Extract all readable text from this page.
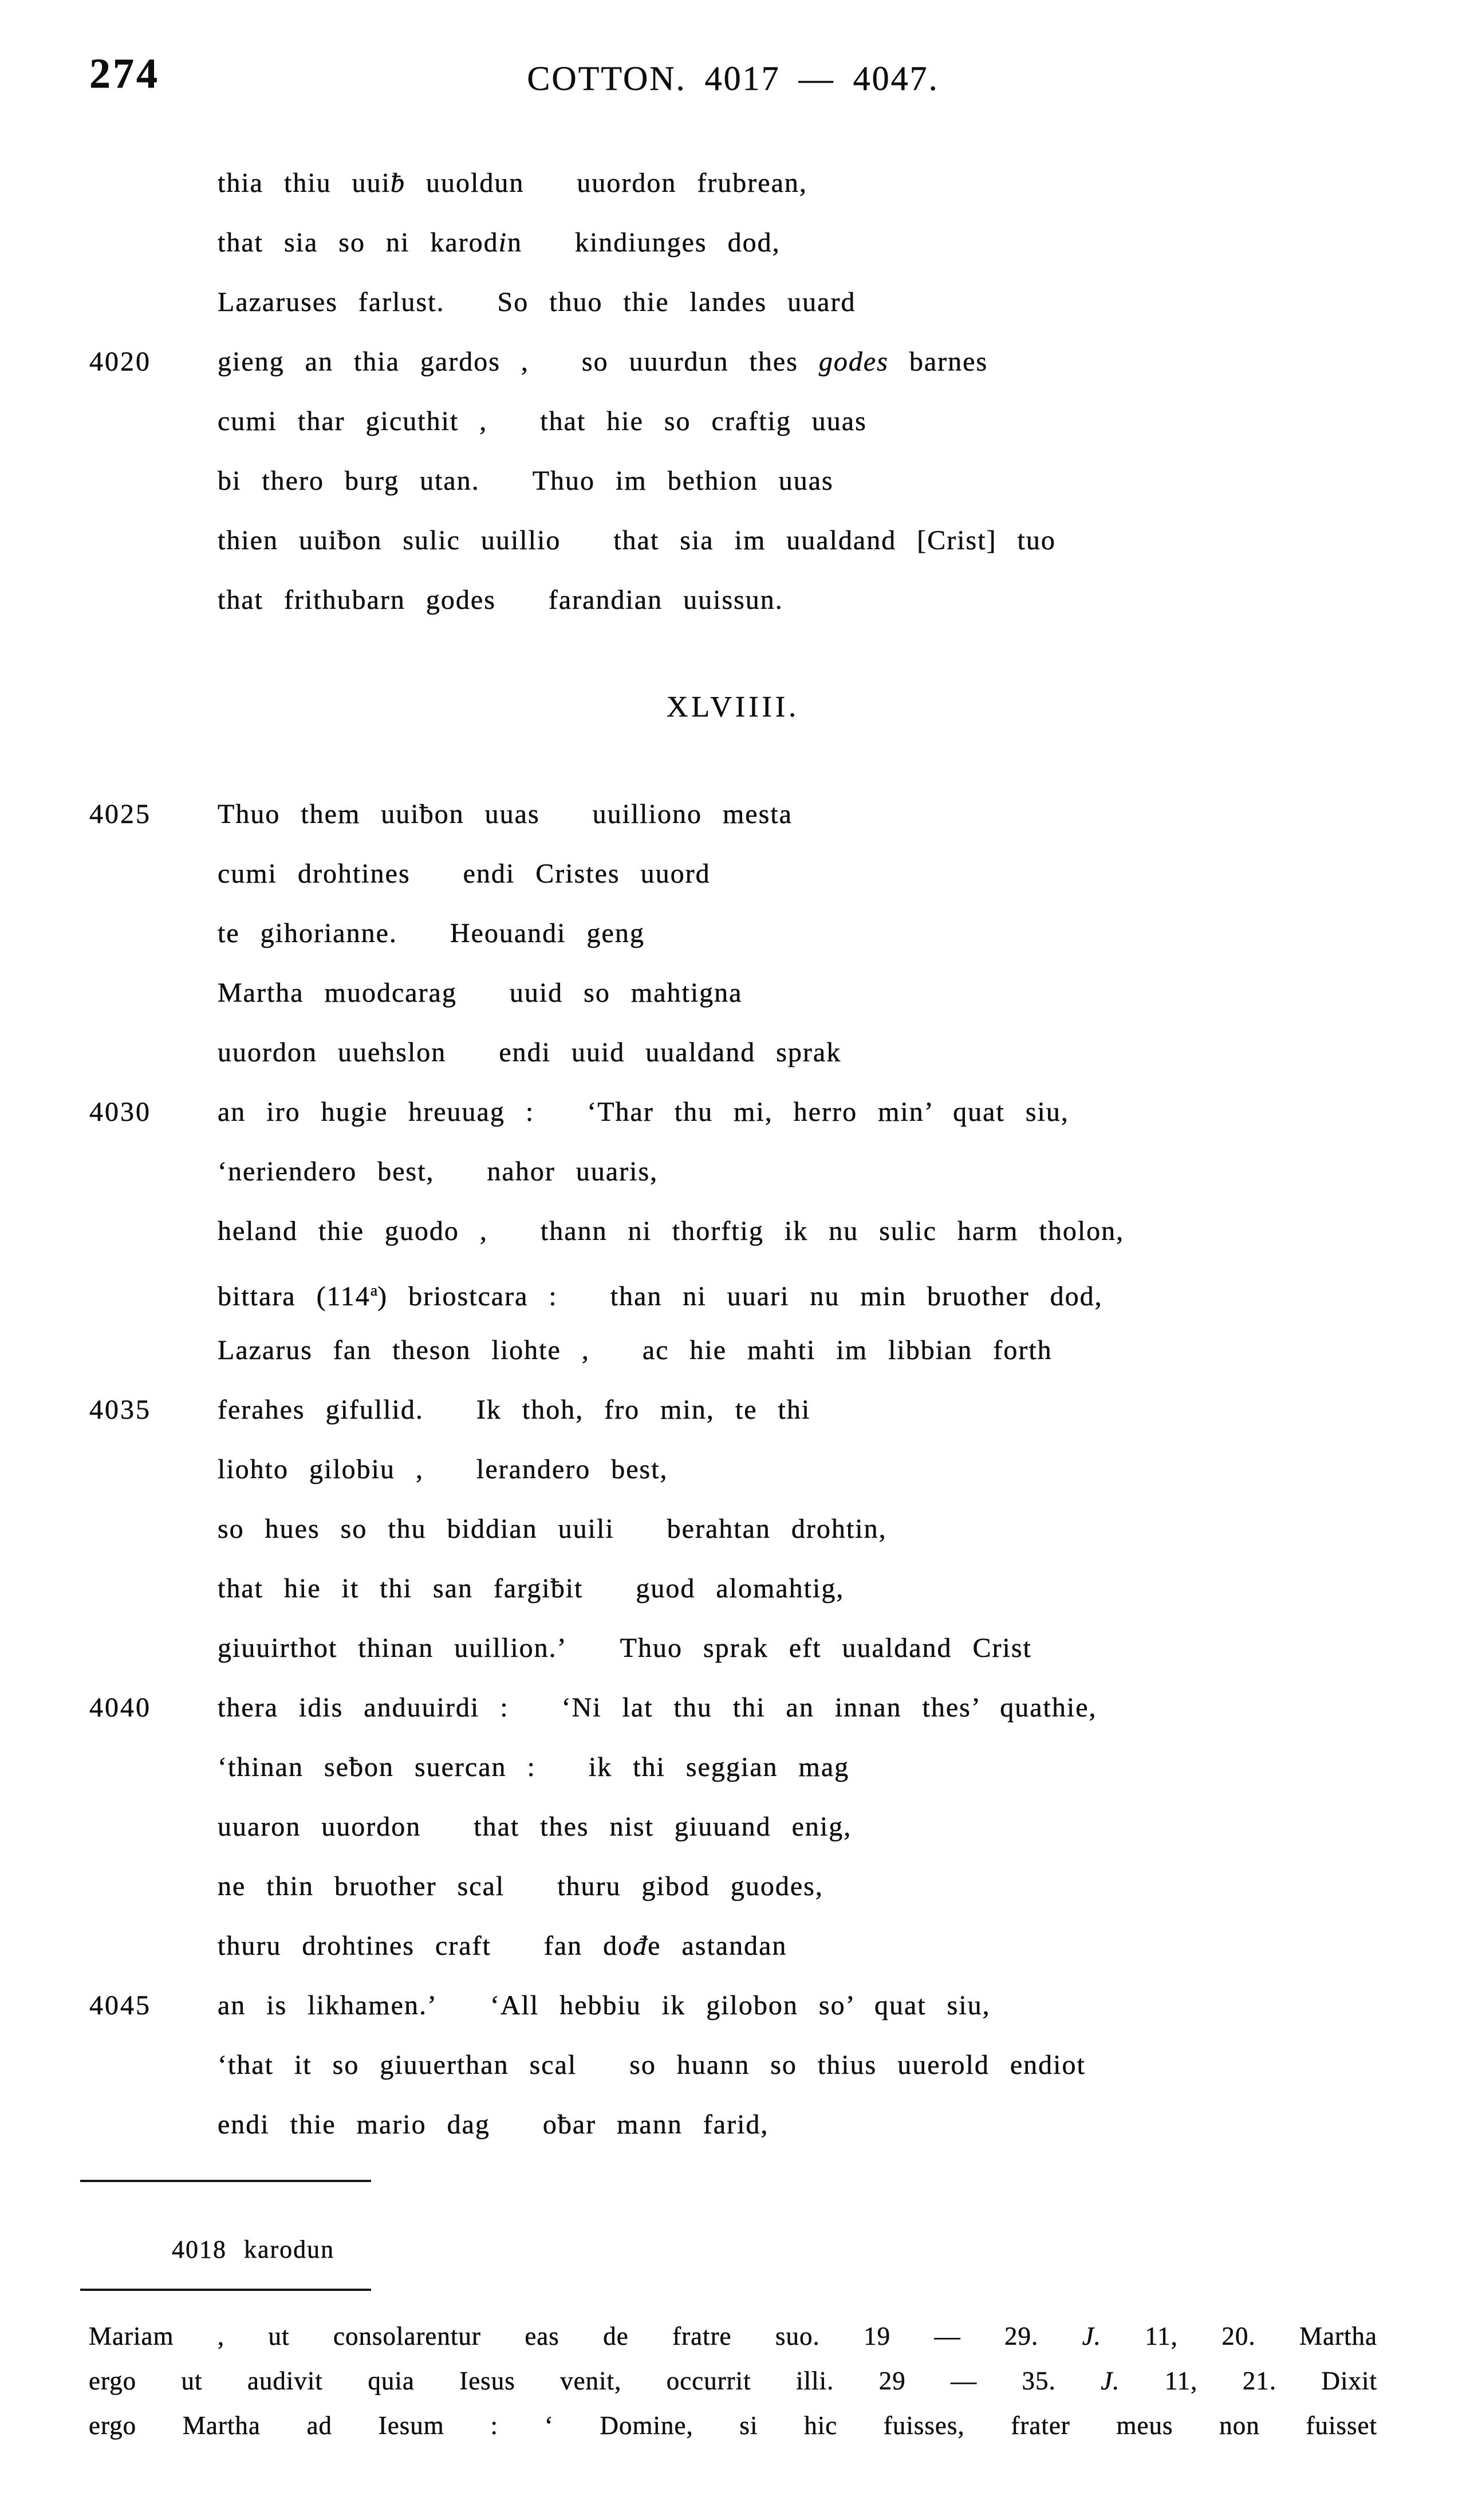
274	COTTON. 4017 — 4047.
thia thiu uuiƀ uuoldun uuordon frubrean,
that sia so ni karodin kindiunges dod,
Lazaruses farlust. So thuo thie landes uuard
4020 gieng an thia gardos , so uuurdun thes godes barnes
cumi thar gicuthit , that hie so craftig uuas
bi thero burg utan. Thuo im bethion uuas
thien uuiƀon sulic uuillio that sia im uualdand [Crist] tuo
that frithubarn godes farandian uuissun.
XLVIIII.
4025 Thuo them uuiƀon uuas uuilliono mesta
cumi drohtines endi Cristes uuord
te gihorianne. Heouandi geng
Martha muodcarag uuid so mahtigna
uuordon uuehslon endi uuid uualdand sprak
4030 an iro hugie hreuuag : ‘Thar thu mi, herro min’ quat siu,
‘neriendero best, nahor uuaris,
heland thie guodo , thann ni thorftig ik nu sulic harm tholon,
bittara (114$^a$) briostcara : than ni uuari nu min bruother dod,
Lazarus fan theson liohte , ac hie mahti im libbian forth
4035 ferahes gifullid. Ik thoh, fro min, te thi
liohto gilobiu , lerandero best,
so hues so thu biddian uuili berahtan drohtin,
that hie it thi san fargiƀit guod alomahtig,
giuuirthot thinan uuillion.’ Thuo sprak eft uualdand Crist
4040 thera idis anduuirdi : ‘Ni lat thu thi an innan thes’ quathie,
‘thinan seƀon suercan : ik thi seggian mag
uuaron uuordon that thes nist giuuand enig,
ne thin bruother scal thuru gibod guodes,
thuru drohtines craft fan dođe astandan
4045 an is likhamen.’ ‘All hebbiu ik gilobon so’ quat siu,
‘that it so giuuerthan scal so huann so thius uuerold endiot
endi thie mario dag oƀar mann farid,
4018 karodun
Mariam , ut consolarentur eas de fratre suo. 19 — 29. J. 11, 20. Martha
ergo ut audivit quia Iesus venit, occurrit illi. 29 — 35. J. 11, 21. Dixit
ergo Martha ad Iesum : ‘ Domine, si hic fuisses, frater meus non fuisset
